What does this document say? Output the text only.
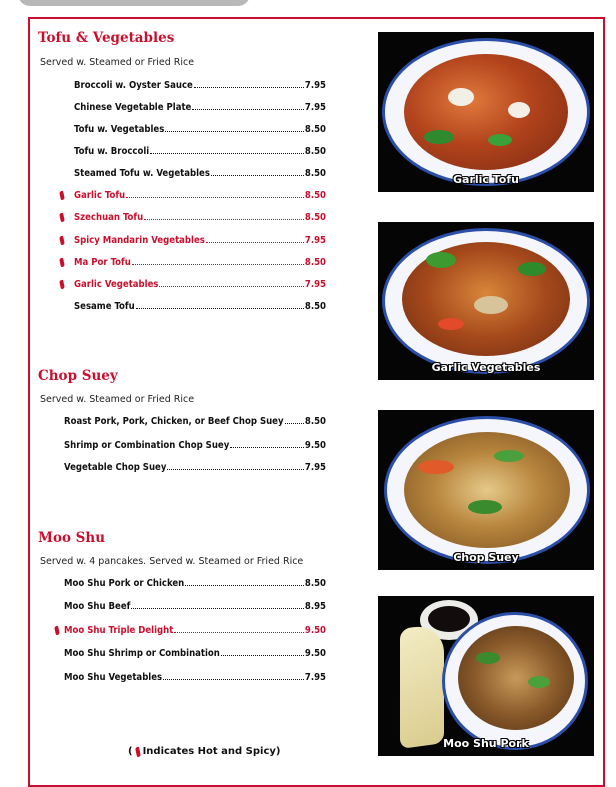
Tofu & Vegetables
Served w. Steamed or Fried Rice
Broccoli w. Oyster Sauce	7.95
Chinese Vegetable Plate	7.95
Tofu w. Vegetables	8.50
Tofu w. Broccoli	8.50
Steamed Tofu w. Vegetables	8.50
Garlic Tofu	8.50
Szechuan Tofu	8.50
Spicy Mandarin Vegetables	7.95
Ma Por Tofu	8.50
Garlic Vegetables	7.95
Sesame Tofu	8.50
Chop Suey
Served w. Steamed or Fried Rice
Roast Pork, Pork, Chicken, or Beef Chop Suey 8.50
Shrimp or Combination Chop Suey	9.50
Vegetable Chop Suey	7.95
Moo Shu
Served w. 4 pancakes. Served w. Steamed or Fried Rice
Moo Shu Pork or Chicken	8.50
Moo Shu Beef	8.95
Moo Shu Triple Delight	9.50
Moo Shu Shrimp or Combination	9.50
Moo Shu Vegetables	7.95
( Indicates Hot and Spicy)
Garlic Tofu
Garlic Vegetables
Chop Suey
Moo Shu Pork
